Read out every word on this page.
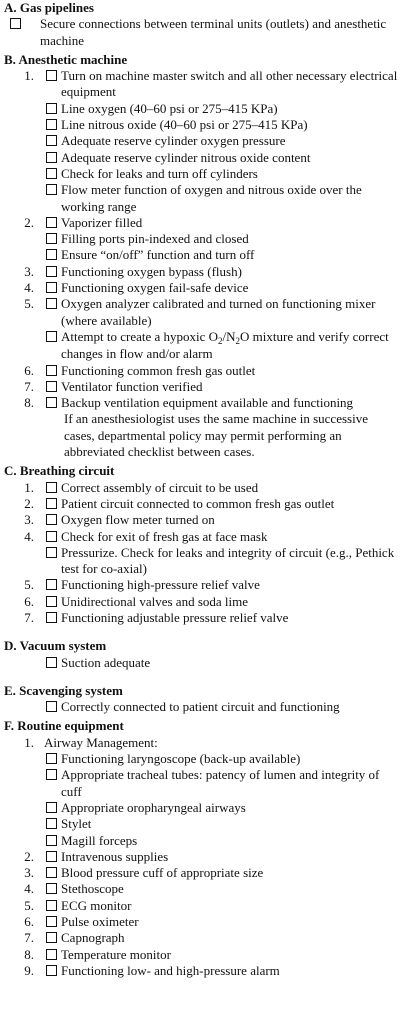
A. Gas pipelines
Secure connections between terminal units (outlets) and anesthetic machine
B. Anesthetic machine
1.	Turn on machine master switch and all other necessary electrical equipment
Line oxygen (40–60 psi or 275–415 KPa)
Line nitrous oxide (40–60 psi or 275–415 KPa)
Adequate reserve cylinder oxygen pressure
Adequate reserve cylinder nitrous oxide content
Check for leaks and turn off cylinders
Flow meter function of oxygen and nitrous oxide over the working range
2.	Vaporizer filled
Filling ports pin-indexed and closed
Ensure “on/off” function and turn off
3.	Functioning oxygen bypass (flush)
4.	Functioning oxygen fail-safe device
5.	Oxygen analyzer calibrated and turned on functioning mixer (where available)
Attempt to create a hypoxic $O_2/N_2O$ mixture and verify correct changes in flow and/or alarm
6.	Functioning common fresh gas outlet
7.	Ventilator function verified
8.	Backup ventilation equipment available and functioning
If an anesthesiologist uses the same machine in successive cases, departmental policy may permit performing an abbreviated checklist between cases.
C. Breathing circuit
1.	Correct assembly of circuit to be used
2.	Patient circuit connected to common fresh gas outlet
3.	Oxygen flow meter turned on
4.	Check for exit of fresh gas at face mask
Pressurize. Check for leaks and integrity of circuit (e.g., Pethick test for co-axial)
5.	Functioning high-pressure relief valve
6.	Unidirectional valves and soda lime
7.	Functioning adjustable pressure relief valve
D. Vacuum system
Suction adequate
E. Scavenging system
Correctly connected to patient circuit and functioning
F. Routine equipment
1. Airway Management:
Functioning laryngoscope (back-up available)
Appropriate tracheal tubes: patency of lumen and integrity of cuff
Appropriate oropharyngeal airways
Stylet
Magill forceps
2.	Intravenous supplies
3.	Blood pressure cuff of appropriate size
4.	Stethoscope
5.	ECG monitor
6.	Pulse oximeter
7.	Capnograph
8.	Temperature monitor
9.	Functioning low- and high-pressure alarm
